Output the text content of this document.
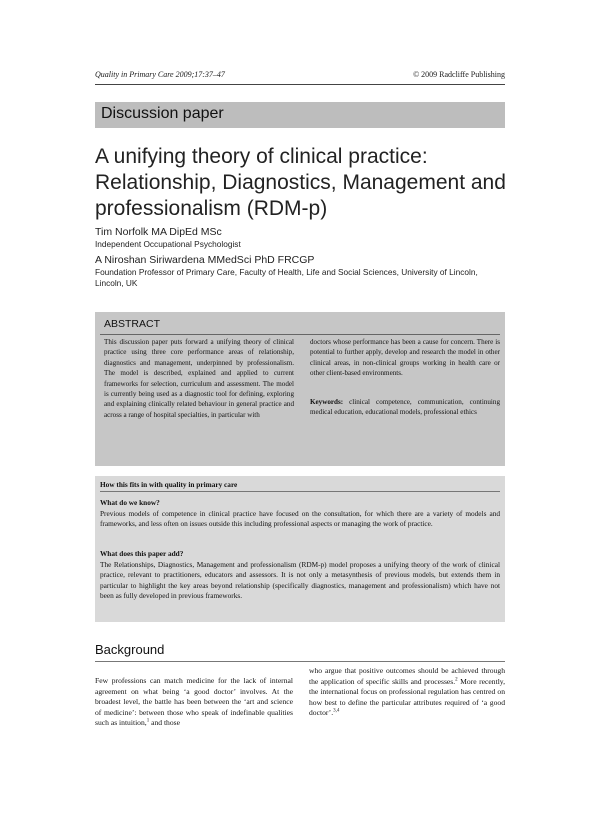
Quality in Primary Care 2009;17:37–47	© 2009 Radcliffe Publishing
Discussion paper
A unifying theory of clinical practice: Relationship, Diagnostics, Management and professionalism (RDM-p)
Tim Norfolk MA DipEd MSc
Independent Occupational Psychologist
A Niroshan Siriwardena MMedSci PhD FRCGP
Foundation Professor of Primary Care, Faculty of Health, Life and Social Sciences, University of Lincoln, Lincoln, UK
ABSTRACT
This discussion paper puts forward a unifying theory of clinical practice using three core performance areas of relationship, diagnostics and management, underpinned by professionalism. The model is described, explained and applied to current frameworks for selection, curriculum and assessment. The model is currently being used as a diagnostic tool for defining, exploring and explaining clinically related behaviour in general practice and across a range of hospital specialties, in particular with
doctors whose performance has been a cause for concern. There is potential to further apply, develop and research the model in other clinical areas, in non-clinical groups working in health care or other client-based environments.
Keywords: clinical competence, communication, continuing medical education, educational models, professional ethics
How this fits in with quality in primary care
What do we know?
Previous models of competence in clinical practice have focused on the consultation, for which there are a variety of models and frameworks, and less often on issues outside this including professional aspects or managing the work of practice.
What does this paper add?
The Relationships, Diagnostics, Management and professionalism (RDM-p) model proposes a unifying theory of the work of clinical practice, relevant to practitioners, educators and assessors. It is not only a metasynthesis of previous models, but extends them in particular to highlight the key areas beyond relationship (specifically diagnostics, management and professionalism) which have not been as fully developed in previous frameworks.
Background
Few professions can match medicine for the lack of internal agreement on what being ‘a good doctor’ involves. At the broadest level, the battle has been between the ‘art and science of medicine’: between those who speak of indefinable qualities such as intuition,$^1$ and those
who argue that positive outcomes should be achieved through the application of specific skills and processes.$^2$ More recently, the international focus on professional regulation has centred on how best to define the particular attributes required of ‘a good doctor’.$^{3,4}$
